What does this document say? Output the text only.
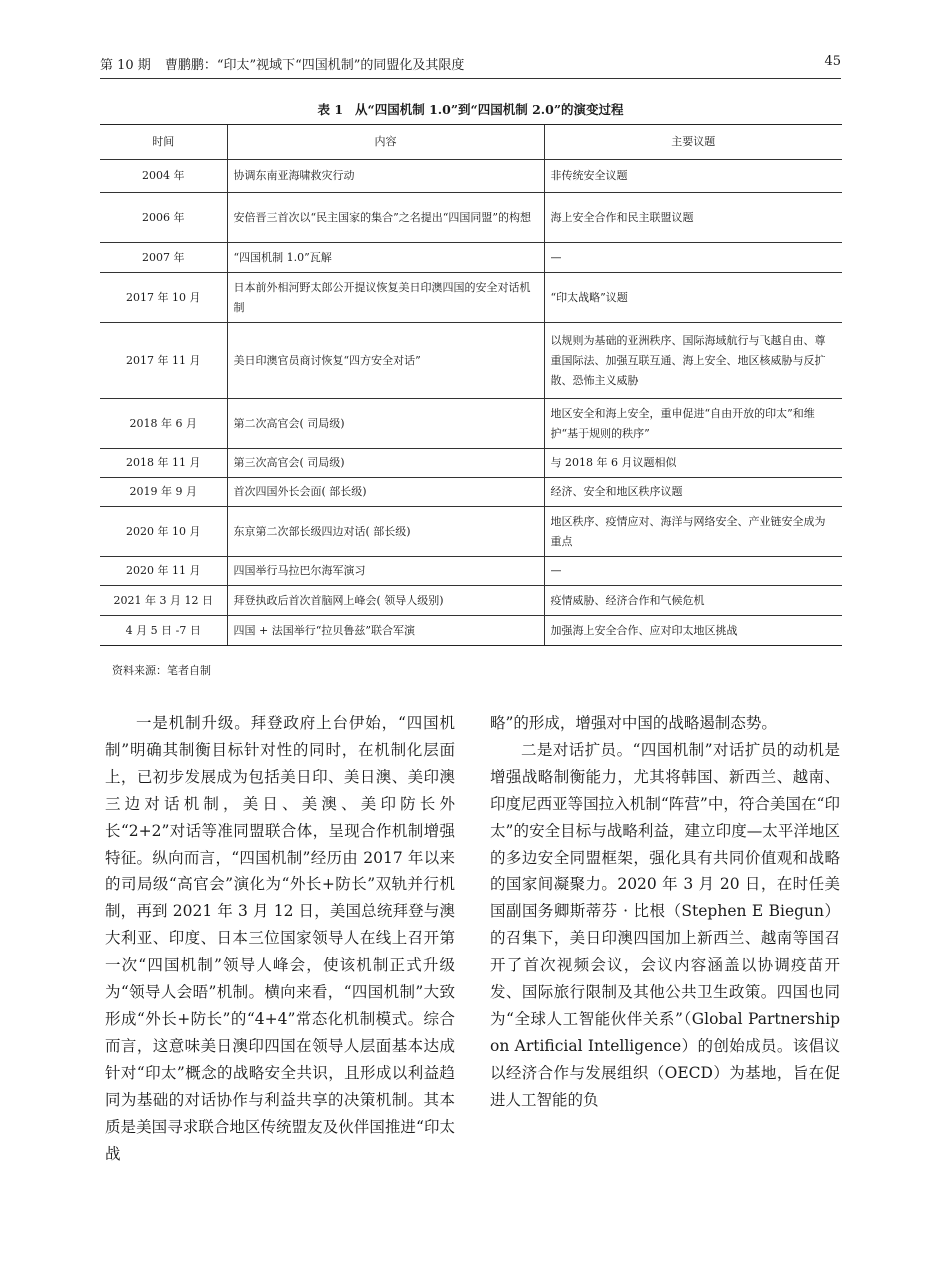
第 10 期 曹鹏鹏：“印太”视域下“四国机制”的同盟化及其限度	45
表 1 从“四国机制 1.0”到“四国机制 2.0”的演变过程
时间	内容	主要议题
2004 年	协调东南亚海啸救灾行动	非传统安全议题
2006 年	安倍晋三首次以“民主国家的集合”之名提出“四国同盟”的构想	海上安全合作和民主联盟议题
2007 年	“四国机制 1.0”瓦解	—
2017 年 10 月	日本前外相河野太郎公开提议恢复美日印澳四国的安全对话机制	“印太战略”议题
2017 年 11 月	美日印澳官员商讨恢复“四方安全对话”	以规则为基础的亚洲秩序、国际海域航行与飞越自由、尊重国际法、加强互联互通、海上安全、地区核威胁与反扩散、恐怖主义威胁
2018 年 6 月	第二次高官会( 司局级)	地区安全和海上安全，重申促进“自由开放的印太”和维护“基于规则的秩序”
2018 年 11 月	第三次高官会( 司局级)	与 2018 年 6 月议题相似
2019 年 9 月	首次四国外长会面( 部长级)	经济、安全和地区秩序议题
2020 年 10 月	东京第二次部长级四边对话( 部长级)	地区秩序、疫情应对、海洋与网络安全、产业链安全成为重点
2020 年 11 月	四国举行马拉巴尔海军演习	—
2021 年 3 月 12 日	拜登执政后首次首脑网上峰会( 领导人级别)	疫情威胁、经济合作和气候危机
4 月 5 日 -7 日	四国 + 法国举行“拉贝鲁兹”联合军演	加强海上安全合作、应对印太地区挑战
资料来源：笔者自制

一是机制升级。拜登政府上台伊始，“四国机制”明确其制衡目标针对性的同时，在机制化层面上，已初步发展成为包括美日印、美日澳、美印澳三边对话机制，美日、美澳、美印防长外长“2+2”对话等准同盟联合体，呈现合作机制增强特征。纵向而言，“四国机制”经历由 2017 年以来的司局级“高官会”演化为“外长+防长”双轨并行机制，再到 2021 年 3 月 12 日，美国总统拜登与澳大利亚、印度、日本三位国家领导人在线上召开第一次“四国机制”领导人峰会，使该机制正式升级为“领导人会晤”机制。横向来看，“四国机制”大致形成“外长+防长”的“4+4”常态化机制模式。综合而言，这意味美日澳印四国在领导人层面基本达成针对“印太”概念的战略安全共识，且形成以利益趋同为基础的对话协作与利益共享的决策机制。其本质是美国寻求联合地区传统盟友及伙伴国推进“印太战

略”的形成，增强对中国的战略遏制态势。

二是对话扩员。“四国机制”对话扩员的动机是增强战略制衡能力，尤其将韩国、新西兰、越南、印度尼西亚等国拉入机制“阵营”中，符合美国在“印太”的安全目标与战略利益，建立印度—太平洋地区的多边安全同盟框架，强化具有共同价值观和战略的国家间凝聚力。2020 年 3 月 20 日，在时任美国副国务卿斯蒂芬 · 比根（Stephen E Biegun）的召集下，美日印澳四国加上新西兰、越南等国召开了首次视频会议，会议内容涵盖以协调疫苗开发、国际旅行限制及其他公共卫生政策。四国也同为“全球人工智能伙伴关系”（Global Partnership on Artificial Intelligence）的创始成员。该倡议以经济合作与发展组织（OECD）为基地，旨在促进人工智能的负
